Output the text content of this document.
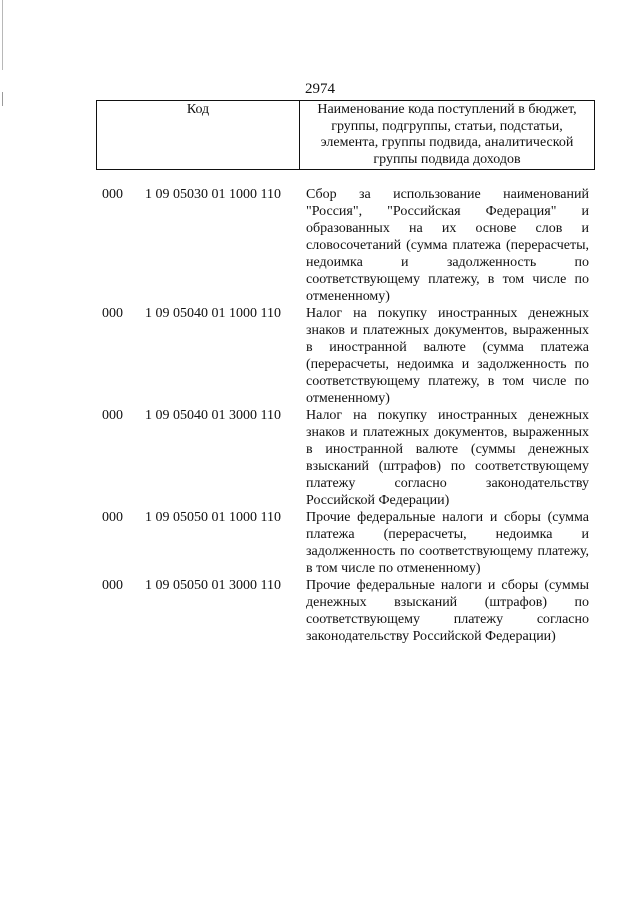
2974
Код	Наименование кода поступлений в бюджет, группы, подгруппы, статьи, подстатьи, элемента, группы подвида, аналитической группы подвида доходов
000	1 09 05030 01 1000 110	Сбор за использование наименований "Россия", "Российская Федерация" и образованных на их основе слов и словосочетаний (сумма платежа (перерасчеты, недоимка и задолженность по соответствующему платежу, в том числе по отмененному)
000	1 09 05040 01 1000 110	Налог на покупку иностранных денежных знаков и платежных документов, выраженных в иностранной валюте (сумма платежа (перерасчеты, недоимка и задолженность по соответствующему платежу, в том числе по отмененному)
000	1 09 05040 01 3000 110	Налог на покупку иностранных денежных знаков и платежных документов, выраженных в иностранной валюте (суммы денежных взысканий (штрафов) по соответствующему платежу согласно законодательству Российской Федерации)
000	1 09 05050 01 1000 110	Прочие федеральные налоги и сборы (сумма платежа (перерасчеты, недоимка и задолженность по соответствующему платежу, в том числе по отмененному)
000	1 09 05050 01 3000 110	Прочие федеральные налоги и сборы (суммы денежных взысканий (штрафов) по соответствующему платежу согласно законодательству Российской Федерации)
